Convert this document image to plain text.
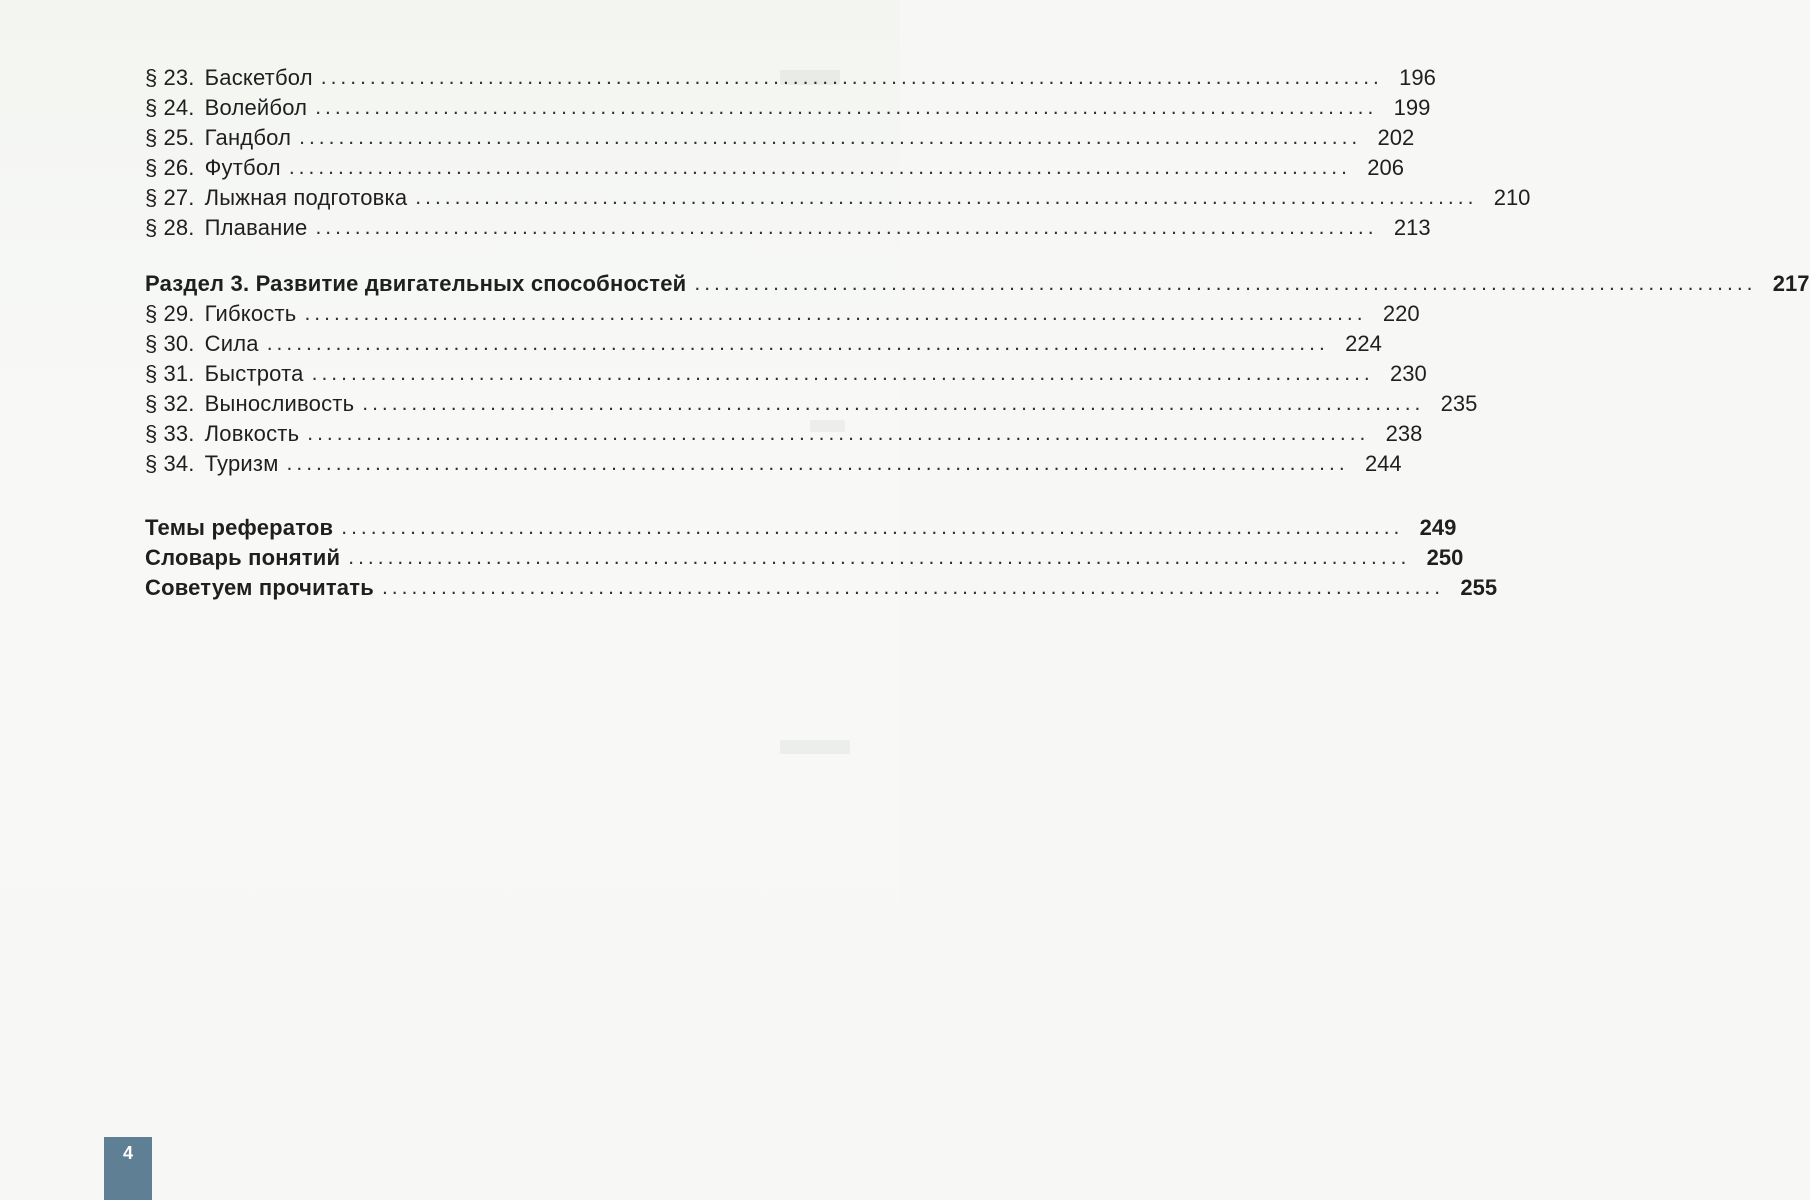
§ 23. Баскетбол ............................................................................................................ 196
§ 24. Волейбол ............................................................................................................ 199
§ 25. Гандбол ............................................................................................................ 202
§ 26. Футбол ............................................................................................................ 206
§ 27. Лыжная подготовка ............................................................................................................ 210
§ 28. Плавание ............................................................................................................ 213
Раздел 3. Развитие двигательных способностей ............................................................................................................ 217
§ 29. Гибкость ............................................................................................................ 220
§ 30. Сила ............................................................................................................ 224
§ 31. Быстрота ............................................................................................................ 230
§ 32. Выносливость ............................................................................................................ 235
§ 33. Ловкость ............................................................................................................ 238
§ 34. Туризм ............................................................................................................ 244
Темы рефератов ............................................................................................................ 249
Словарь понятий ............................................................................................................ 250
Советуем прочитать ............................................................................................................ 255
4
